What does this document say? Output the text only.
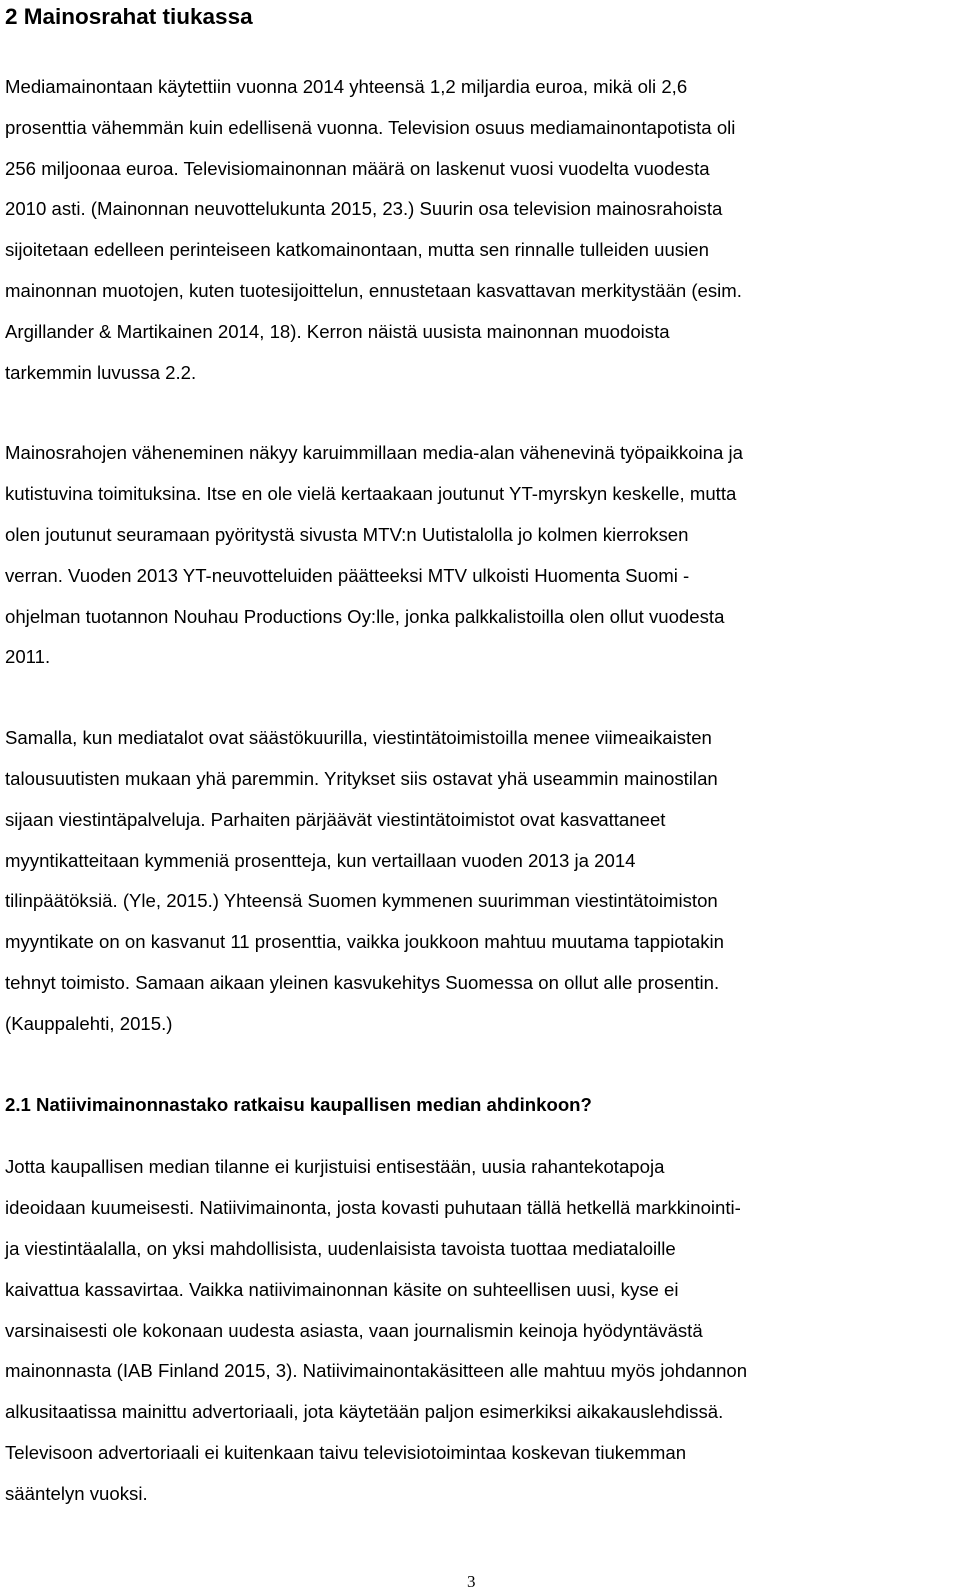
2 Mainosrahat tiukassa

Mediamainontaan käytettiin vuonna 2014 yhteensä 1,2 miljardia euroa, mikä oli 2,6
prosenttia vähemmän kuin edellisenä vuonna. Television osuus mediamainontapotista oli
256 miljoonaa euroa. Televisiomainonnan määrä on laskenut vuosi vuodelta vuodesta
2010 asti. (Mainonnan neuvottelukunta 2015, 23.) Suurin osa television mainosrahoista
sijoitetaan edelleen perinteiseen katkomainontaan, mutta sen rinnalle tulleiden uusien
mainonnan muotojen, kuten tuotesijoittelun, ennustetaan kasvattavan merkitystään (esim.
Argillander & Martikainen 2014, 18). Kerron näistä uusista mainonnan muodoista
tarkemmin luvussa 2.2.

Mainosrahojen väheneminen näkyy karuimmillaan media-alan vähenevinä työpaikkoina ja
kutistuvina toimituksina. Itse en ole vielä kertaakaan joutunut YT-myrskyn keskelle, mutta
olen joutunut seuramaan pyöritystä sivusta MTV:n Uutistalolla jo kolmen kierroksen
verran. Vuoden 2013 YT-neuvotteluiden päätteeksi MTV ulkoisti Huomenta Suomi -
ohjelman tuotannon Nouhau Productions Oy:lle, jonka palkkalistoilla olen ollut vuodesta
2011.

Samalla, kun mediatalot ovat säästökuurilla, viestintätoimistoilla menee viimeaikaisten
talousuutisten mukaan yhä paremmin. Yritykset siis ostavat yhä useammin mainostilan
sijaan viestintäpalveluja. Parhaiten pärjäävät viestintätoimistot ovat kasvattaneet
myyntikatteitaan kymmeniä prosentteja, kun vertaillaan vuoden 2013 ja 2014
tilinpäätöksiä. (Yle, 2015.) Yhteensä Suomen kymmenen suurimman viestintätoimiston
myyntikate on on kasvanut 11 prosenttia, vaikka joukkoon mahtuu muutama tappiotakin
tehnyt toimisto. Samaan aikaan yleinen kasvukehitys Suomessa on ollut alle prosentin.
(Kauppalehti, 2015.)

2.1 Natiivimainonnastako ratkaisu kaupallisen median ahdinkoon?

Jotta kaupallisen median tilanne ei kurjistuisi entisestään, uusia rahantekotapoja
ideoidaan kuumeisesti. Natiivimainonta, josta kovasti puhutaan tällä hetkellä markkinointi-
ja viestintäalalla, on yksi mahdollisista, uudenlaisista tavoista tuottaa mediataloille
kaivattua kassavirtaa. Vaikka natiivimainonnan käsite on suhteellisen uusi, kyse ei
varsinaisesti ole kokonaan uudesta asiasta, vaan journalismin keinoja hyödyntävästä
mainonnasta (IAB Finland 2015, 3). Natiivimainontakäsitteen alle mahtuu myös johdannon
alkusitaatissa mainittu advertoriaali, jota käytetään paljon esimerkiksi aikakauslehdissä.
Televisoon advertoriaali ei kuitenkaan taivu televisiotoimintaa koskevan tiukemman
sääntelyn vuoksi.

3
